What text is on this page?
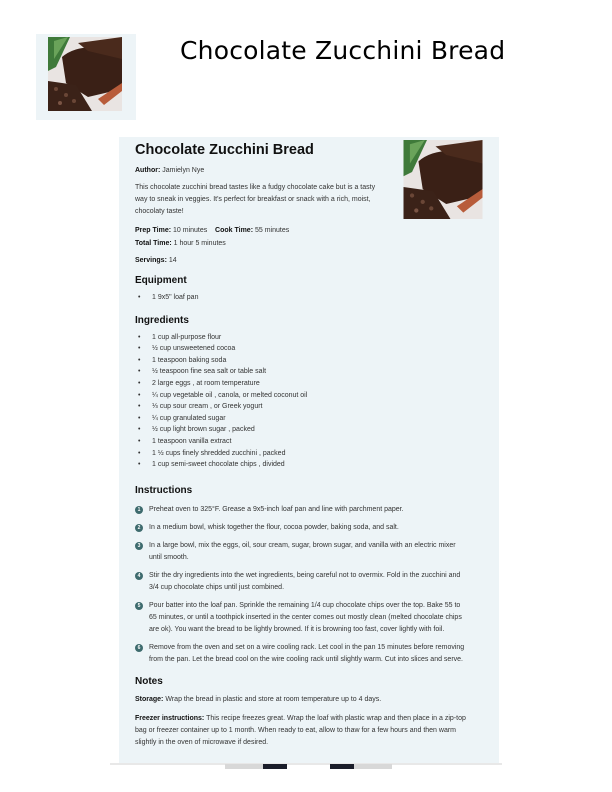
Chocolate Zucchini Bread
Chocolate Zucchini Bread
Author: Jamielyn Nye
This chocolate zucchini bread tastes like a fudgy chocolate cake but is a tasty way to sneak in veggies. It's perfect for breakfast or snack with a rich, moist, chocolaty taste!
Prep Time: 10 minutes Cook Time: 55 minutes
Total Time: 1 hour 5 minutes
Servings: 14
Equipment
• 1 9x5" loaf pan
Ingredients
• 1 cup all-purpose flour
• ½ cup unsweetened cocoa
• 1 teaspoon baking soda
• ½ teaspoon fine sea salt or table salt
• 2 large eggs , at room temperature
• ¼ cup vegetable oil , canola, or melted coconut oil
• ⅓ cup sour cream , or Greek yogurt
• ¼ cup granulated sugar
• ½ cup light brown sugar , packed
• 1 teaspoon vanilla extract
• 1 ½ cups finely shredded zucchini , packed
• 1 cup semi-sweet chocolate chips , divided
Instructions
1	Preheat oven to 325°F. Grease a 9x5-inch loaf pan and line with parchment paper.
2	In a medium bowl, whisk together the flour, cocoa powder, baking soda, and salt.
3	In a large bowl, mix the eggs, oil, sour cream, sugar, brown sugar, and vanilla with an electric mixer until smooth.
4	Stir the dry ingredients into the wet ingredients, being careful not to overmix. Fold in the zucchini and 3/4 cup chocolate chips until just combined.
5	Pour batter into the loaf pan. Sprinkle the remaining 1/4 cup chocolate chips over the top. Bake 55 to 65 minutes, or until a toothpick inserted in the center comes out mostly clean (melted chocolate chips are ok). You want the bread to be lightly browned. If it is browning too fast, cover lightly with foil.
6	Remove from the oven and set on a wire cooling rack. Let cool in the pan 15 minutes before removing from the pan. Let the bread cool on the wire cooling rack until slightly warm. Cut into slices and serve.
Notes
Storage: Wrap the bread in plastic and store at room temperature up to 4 days.
Freezer instructions: This recipe freezes great. Wrap the loaf with plastic wrap and then place in a zip-top bag or freezer container up to 1 month. When ready to eat, allow to thaw for a few hours and then warm slightly in the oven of microwave if desired.
